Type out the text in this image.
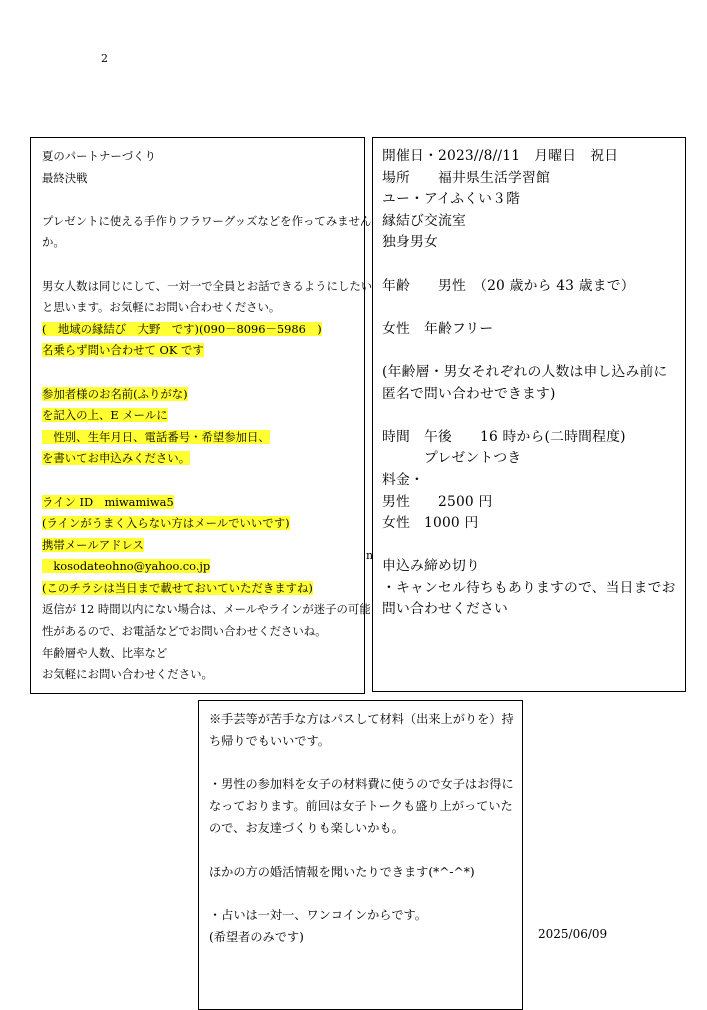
2
夏のパートナーづくり
最終決戦
プレゼントに使える手作りフラワーグッズなどを作ってみません
か。
男女人数は同じにして、一対一で全員とお話できるようにしたい
と思います。お気軽にお問い合わせください。
(　地域の縁結び　大野　です)(090－8096－5986　)
名乗らず問い合わせて OK です
参加者様のお名前(ふりがな)
を記入の上、E メールに
　性別、生年月日、電話番号・希望参加日、
を書いてお申込みください。
ライン ID　miwamiwa5
(ラインがうまく入らない方はメールでいいです)
携帯メールアドレス
　kosodateohno@yahoo.co.jp
(このチラシは当日まで載せておいていただきますね)
返信が 12 時間以内にない場合は、メールやラインが迷子の可能
性があるので、お電話などでお問い合わせくださいね。
年齢層や人数、比率など
お気軽にお問い合わせください。
開催日・2023//8//11　月曜日　祝日
場所　　福井県生活学習館
ユー・アイふくい３階
縁結び交流室
独身男女
年齢　　男性　（20 歳から 43 歳まで）
女性　年齢フリー
(年齢層・男女それぞれの人数は申し込み前に
匿名で問い合わせできます)
時間　午後　　16 時から(二時間程度)
　　　プレゼントつき
料金・
男性　　2500 円
女性　1000 円
申込み締め切り
・キャンセル待ちもありますので、当日までお
問い合わせください
n
※手芸等が苦手な方はパスして材料（出来上がりを）持
ち帰りでもいいです。
・男性の参加料を女子の材料費に使うので女子はお得に
なっております。前回は女子トークも盛り上がっていた
ので、お友達づくりも楽しいかも。
ほかの方の婚活情報を聞いたりできます(*^-^*)
・占いは一対一、ワンコインからです。
(希望者のみです)	2025/06/09
